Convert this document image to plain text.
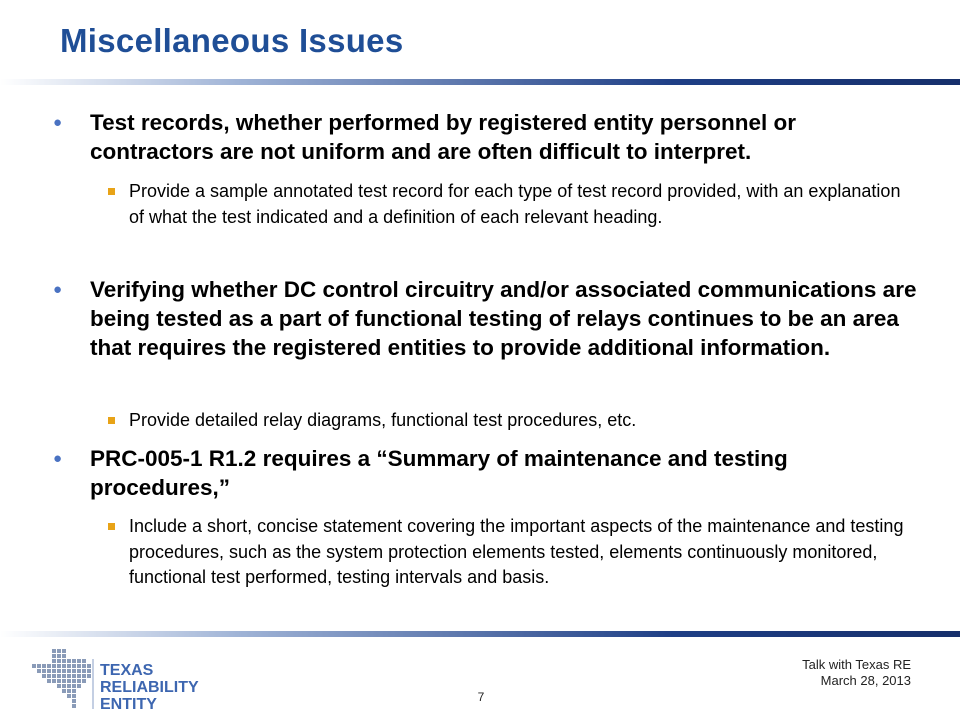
Miscellaneous Issues
● Test records, whether performed by registered entity personnel or contractors are not uniform and are often difficult to interpret.
Provide a sample annotated test record for each type of test record provided, with an explanation of what the test indicated and a definition of each relevant heading.
● Verifying whether DC control circuitry and/or associated communications are being tested as a part of functional testing of relays continues to be an area that requires the registered entities to provide additional information.
Provide detailed relay diagrams, functional test procedures, etc.
● PRC-005-1 R1.2 requires a “Summary of maintenance and testing procedures,”
Include a short, concise statement covering the important aspects of the maintenance and testing procedures, such as the system protection elements tested, elements continuously monitored, functional test performed, testing intervals and basis.
TEXAS
RELIABILITY
ENTITY	7
Talk with Texas RE
March 28, 2013
